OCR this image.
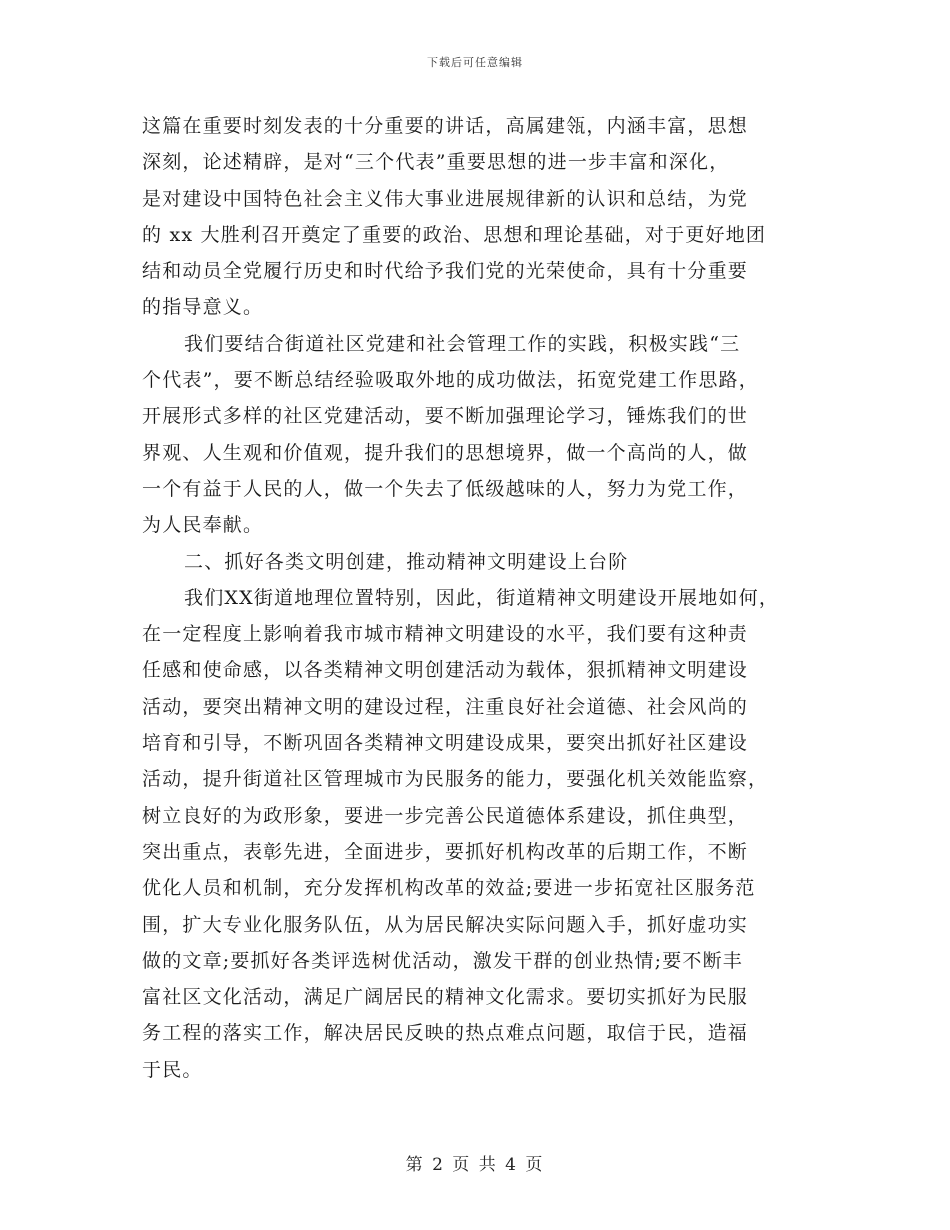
下载后可任意编辑
这篇在重要时刻发表的十分重要的讲话，高属建瓴，内涵丰富，思想
深刻，论述精辟，是对“三个代表”重要思想的进一步丰富和深化，
是对建设中国特色社会主义伟大事业进展规律新的认识和总结，为党
的 xx 大胜利召开奠定了重要的政治、思想和理论基础，对于更好地团
结和动员全党履行历史和时代给予我们党的光荣使命，具有十分重要
的指导意义。
我们要结合街道社区党建和社会管理工作的实践，积极实践“三
个代表”，要不断总结经验吸取外地的成功做法，拓宽党建工作思路，
开展形式多样的社区党建活动，要不断加强理论学习，锤炼我们的世
界观、人生观和价值观，提升我们的思想境界，做一个高尚的人，做
一个有益于人民的人，做一个失去了低级越味的人，努力为党工作，
为人民奉献。
二、抓好各类文明创建，推动精神文明建设上台阶
我们XX街道地理位置特别，因此，街道精神文明建设开展地如何，
在一定程度上影响着我市城市精神文明建设的水平，我们要有这种责
任感和使命感，以各类精神文明创建活动为载体，狠抓精神文明建设
活动，要突出精神文明的建设过程，注重良好社会道德、社会风尚的
培育和引导，不断巩固各类精神文明建设成果，要突出抓好社区建设
活动，提升街道社区管理城市为民服务的能力，要强化机关效能监察，
树立良好的为政形象，要进一步完善公民道德体系建设，抓住典型，
突出重点，表彰先进，全面进步，要抓好机构改革的后期工作，不断
优化人员和机制，充分发挥机构改革的效益;要进一步拓宽社区服务范
围，扩大专业化服务队伍，从为居民解决实际问题入手，抓好虚功实
做的文章;要抓好各类评选树优活动，激发干群的创业热情;要不断丰
富社区文化活动，满足广阔居民的精神文化需求。要切实抓好为民服
务工程的落实工作，解决居民反映的热点难点问题，取信于民，造福
于民。
第 2 页 共 4 页
